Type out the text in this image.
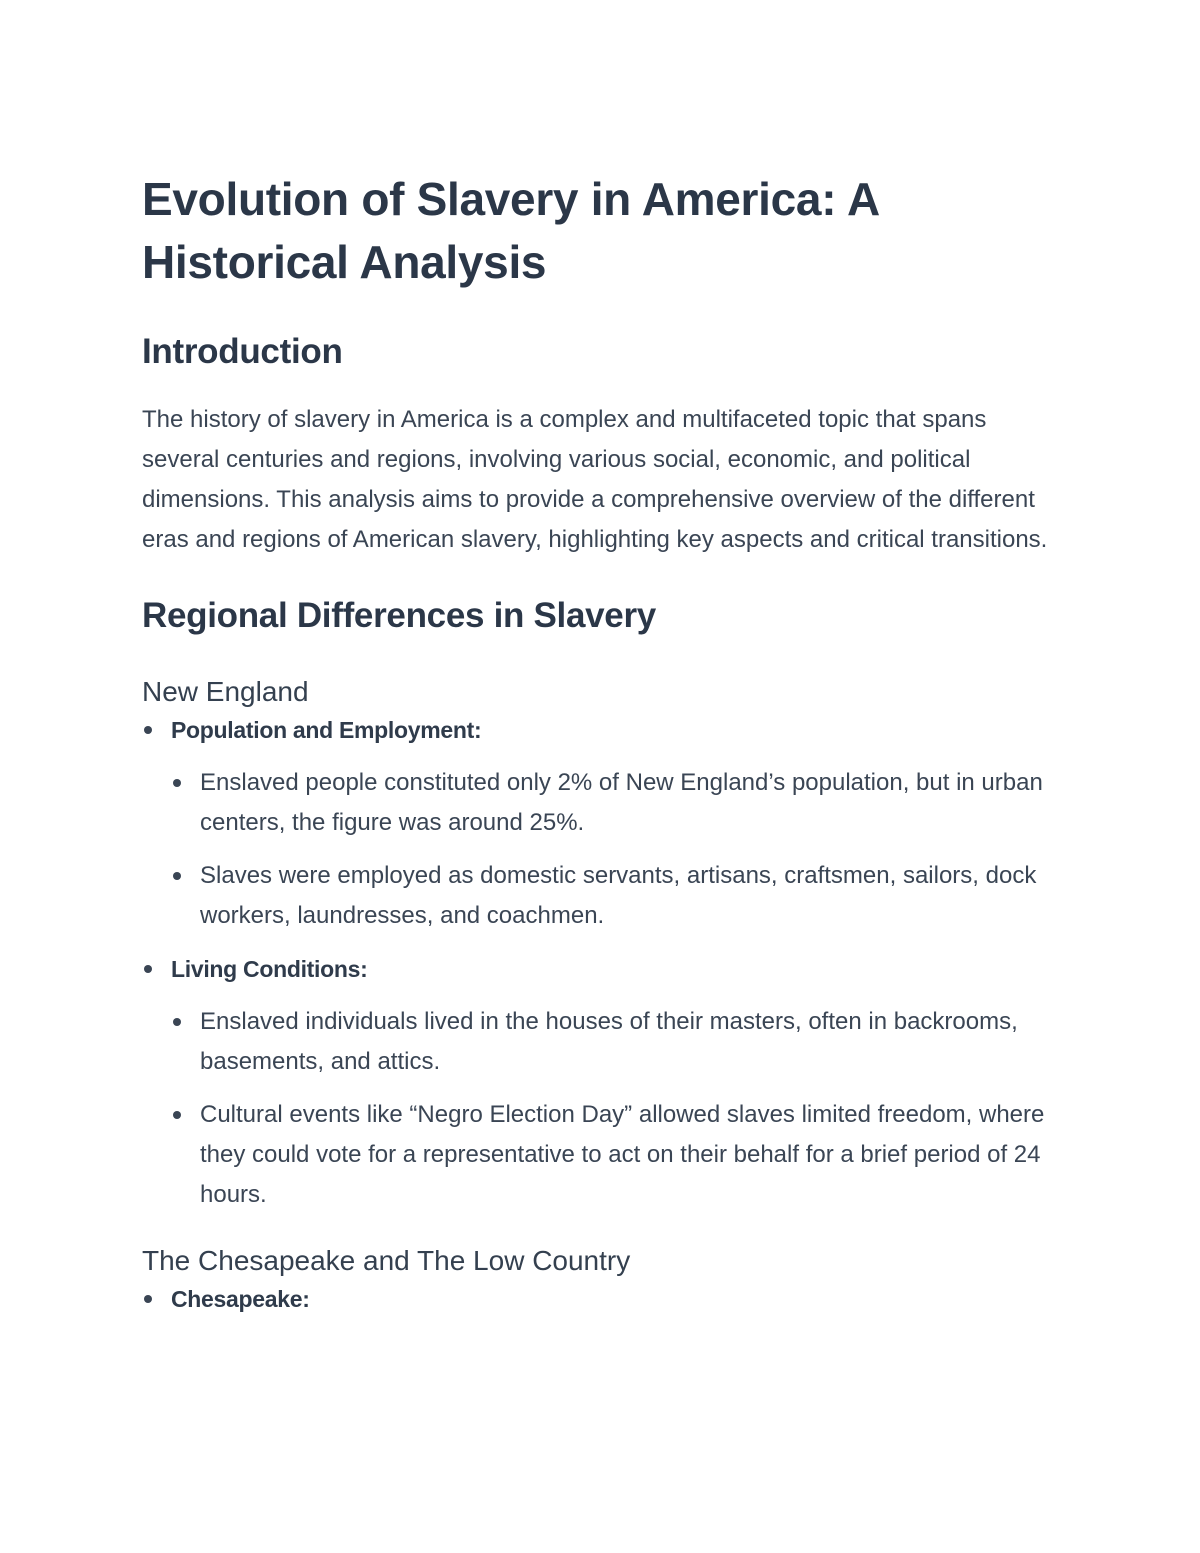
Evolution of Slavery in America: A Historical Analysis
Introduction

The history of slavery in America is a complex and multifaceted topic that spans several centuries and regions, involving various social, economic, and political dimensions. This analysis aims to provide a comprehensive overview of the different eras and regions of American slavery, highlighting key aspects and critical transitions.

Regional Differences in Slavery
New England
Population and Employment:
Enslaved people constituted only 2% of New England’s population, but in urban centers, the figure was around 25%.
Slaves were employed as domestic servants, artisans, craftsmen, sailors, dock workers, laundresses, and coachmen.
Living Conditions:
Enslaved individuals lived in the houses of their masters, often in backrooms, basements, and attics.
Cultural events like “Negro Election Day” allowed slaves limited freedom, where they could vote for a representative to act on their behalf for a brief period of 24 hours.
The Chesapeake and The Low Country
Chesapeake:
